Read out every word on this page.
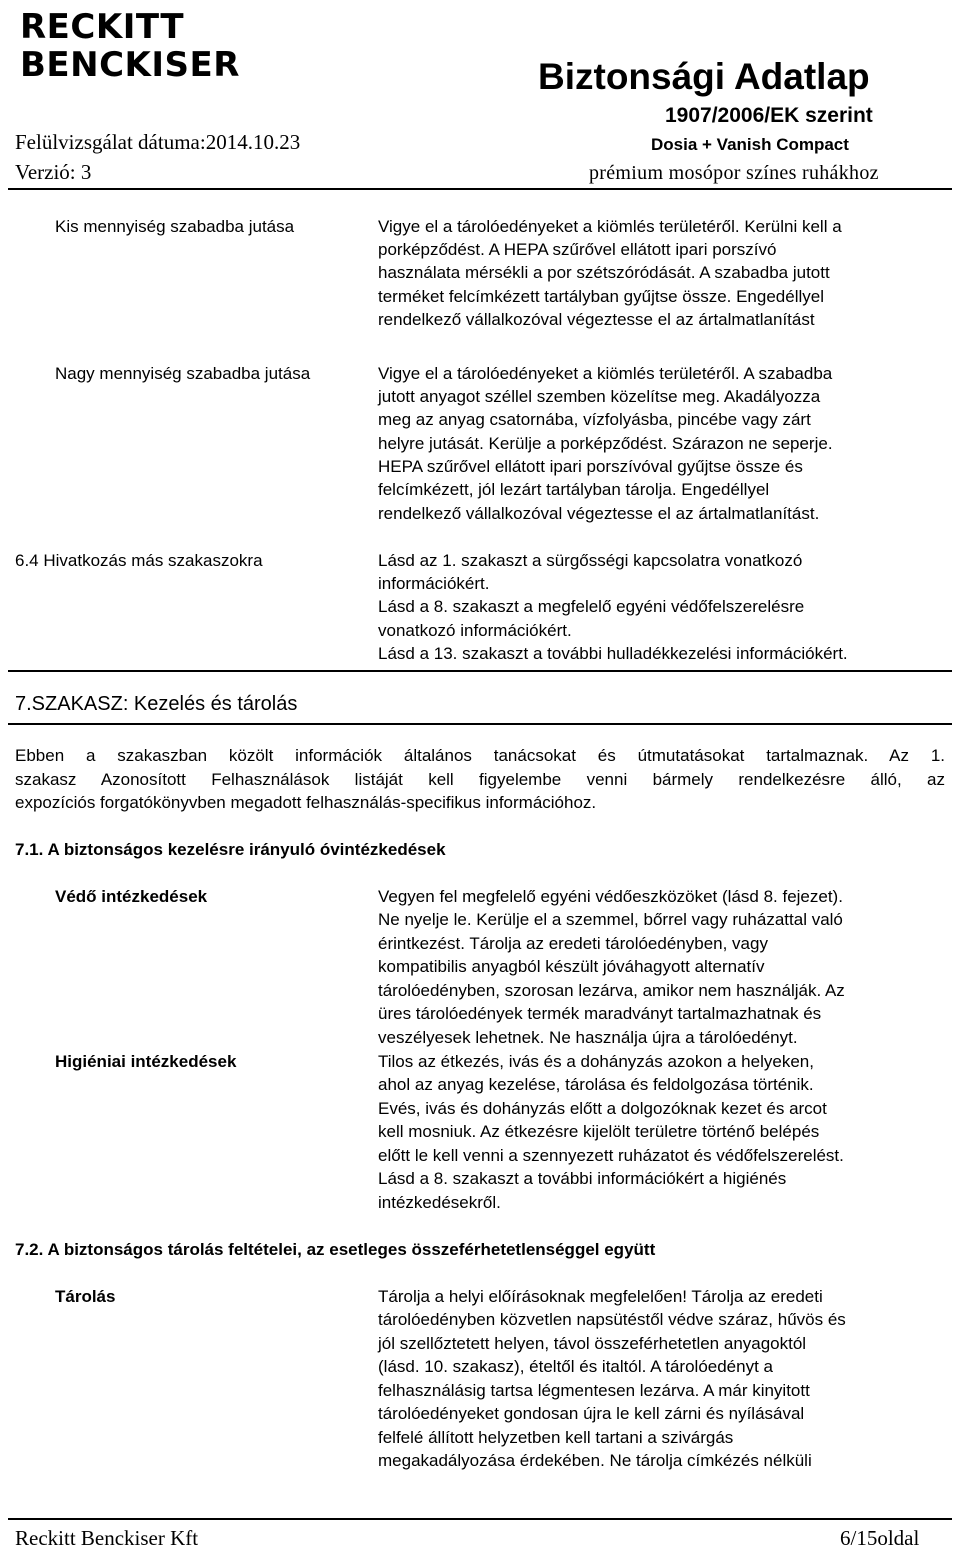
RECKITT
BENCKISER
Felülvizsgálat dátuma:2014.10.23
Verzió: 3
Biztonsági Adatlap
1907/2006/EK szerint
Dosia + Vanish Compact
prémium mosópor színes ruhákhoz

Kis mennyiség szabadba jutása	Vigye el a tárolóedényeket a kiömlés területéről. Kerülni kell a

porképződést. A HEPA szűrővel ellátott ipari porszívó

használata mérsékli a por szétszóródását. A szabadba jutott

terméket felcímkézett tartályban gyűjtse össze. Engedéllyel

rendelkező vállalkozóval végeztesse el az ártalmatlanítást

Nagy mennyiség szabadba jutása	Vigye el a tárolóedényeket a kiömlés területéről. A szabadba

jutott anyagot széllel szemben közelítse meg. Akadályozza

meg az anyag csatornába, vízfolyásba, pincébe vagy zárt

helyre jutását. Kerülje a porképződést. Szárazon ne seperje.

HEPA szűrővel ellátott ipari porszívóval gyűjtse össze és

felcímkézett, jól lezárt tartályban tárolja. Engedéllyel

rendelkező vállalkozóval végeztesse el az ártalmatlanítást.

6.4 Hivatkozás más szakaszokra	Lásd az 1. szakaszt a sürgősségi kapcsolatra vonatkozó

információkért.

Lásd a 8. szakaszt a megfelelő egyéni védőfelszerelésre

vonatkozó információkért.

Lásd a 13. szakaszt a további hulladékkezelési információkért.

7.SZAKASZ: Kezelés és tárolás

Ebben a szakaszban közölt információk általános tanácsokat és útmutatásokat tartalmaznak. Az 1.

szakasz Azonosított Felhasználások listáját kell figyelembe venni bármely rendelkezésre álló, az

expozíciós forgatókönyvben megadott felhasználás-specifikus információhoz.

7.1. A biztonságos kezelésre irányuló óvintézkedések

Védő intézkedések	Vegyen fel megfelelő egyéni védőeszközöket (lásd 8. fejezet).

Ne nyelje le. Kerülje el a szemmel, bőrrel vagy ruházattal való

érintkezést. Tárolja az eredeti tárolóedényben, vagy

kompatibilis anyagból készült jóváhagyott alternatív

tárolóedényben, szorosan lezárva, amikor nem használják. Az

üres tárolóedények termék maradványt tartalmazhatnak és

veszélyesek lehetnek. Ne használja újra a tárolóedényt.

Higiéniai intézkedések	Tilos az étkezés, ivás és a dohányzás azokon a helyeken,

ahol az anyag kezelése, tárolása és feldolgozása történik.

Evés, ivás és dohányzás előtt a dolgozóknak kezet és arcot

kell mosniuk. Az étkezésre kijelölt területre történő belépés

előtt le kell venni a szennyezett ruházatot és védőfelszerelést.

Lásd a 8. szakaszt a további információkért a higiénés

intézkedésekről.

7.2. A biztonságos tárolás feltételei, az esetleges összeférhetetlenséggel együtt

Tárolás	Tárolja a helyi előírásoknak megfelelően! Tárolja az eredeti

tárolóedényben közvetlen napsütéstől védve száraz, hűvös és

jól szellőztetett helyen, távol összeférhetetlen anyagoktól

(lásd. 10. szakasz), ételtől és italtól. A tárolóedényt a

felhasználásig tartsa légmentesen lezárva. A már kinyitott

tárolóedényeket gondosan újra le kell zárni és nyílásával

felfelé állított helyzetben kell tartani a szivárgás

megakadályozása érdekében. Ne tárolja címkézés nélküli

Reckitt Benckiser Kft	6/15oldal
